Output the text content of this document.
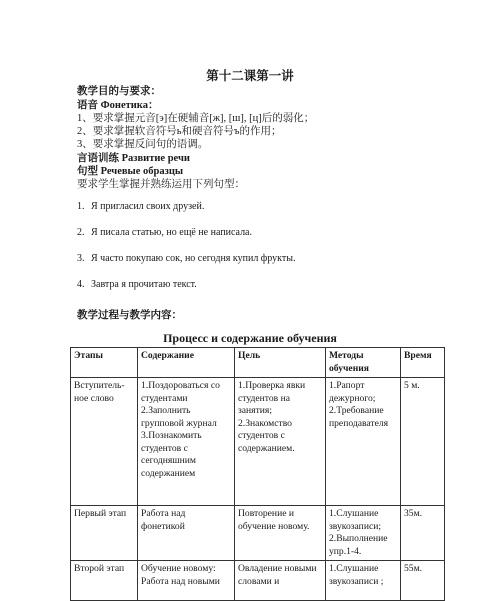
第十二课第一讲
教学目的与要求：
语音 Фонетика：
1、要求掌握元音[э]在硬辅音[ж], [ш], [ц]后的弱化；
2、要求掌握软音符号ь和硬音符号ъ的作用；
3、要求掌握反问句的语调。
言语训练 Развитие речи
句型 Речевые образцы
要求学生掌握并熟练运用下列句型：
1. Я пригласил своих друзей.
2. Я писала статью, но ещё не написала.
3. Я часто покупаю сок, но сегодня купил фрукты.
4. Завтра я прочитаю текст.
教学过程与教学内容：
Процесс и содержание обучения
Этапы	Содержание	Цель	Методы обучения	Время
Вступитель-ное слово	1.Поздороваться со студентами 2.Заполнить групповой журнал 3.Познакомить студентов с сегодняшним содержанием	1.Проверка явки студентов на занятия; 2.Знакомство студентов с содержанием.	1.Рапорт дежурного; 2.Требование преподавателя	5 м.
Первый этап	Работа над фонетикой	Повторение и обучение новому.	1.Слушание звукозаписи; 2.Выполнение упр.1-4.	35м.
Второй этап	Обучение новому: Работа над новыми	Овладение новыми словами и	1.Слушание звукозаписи ;	55м.
